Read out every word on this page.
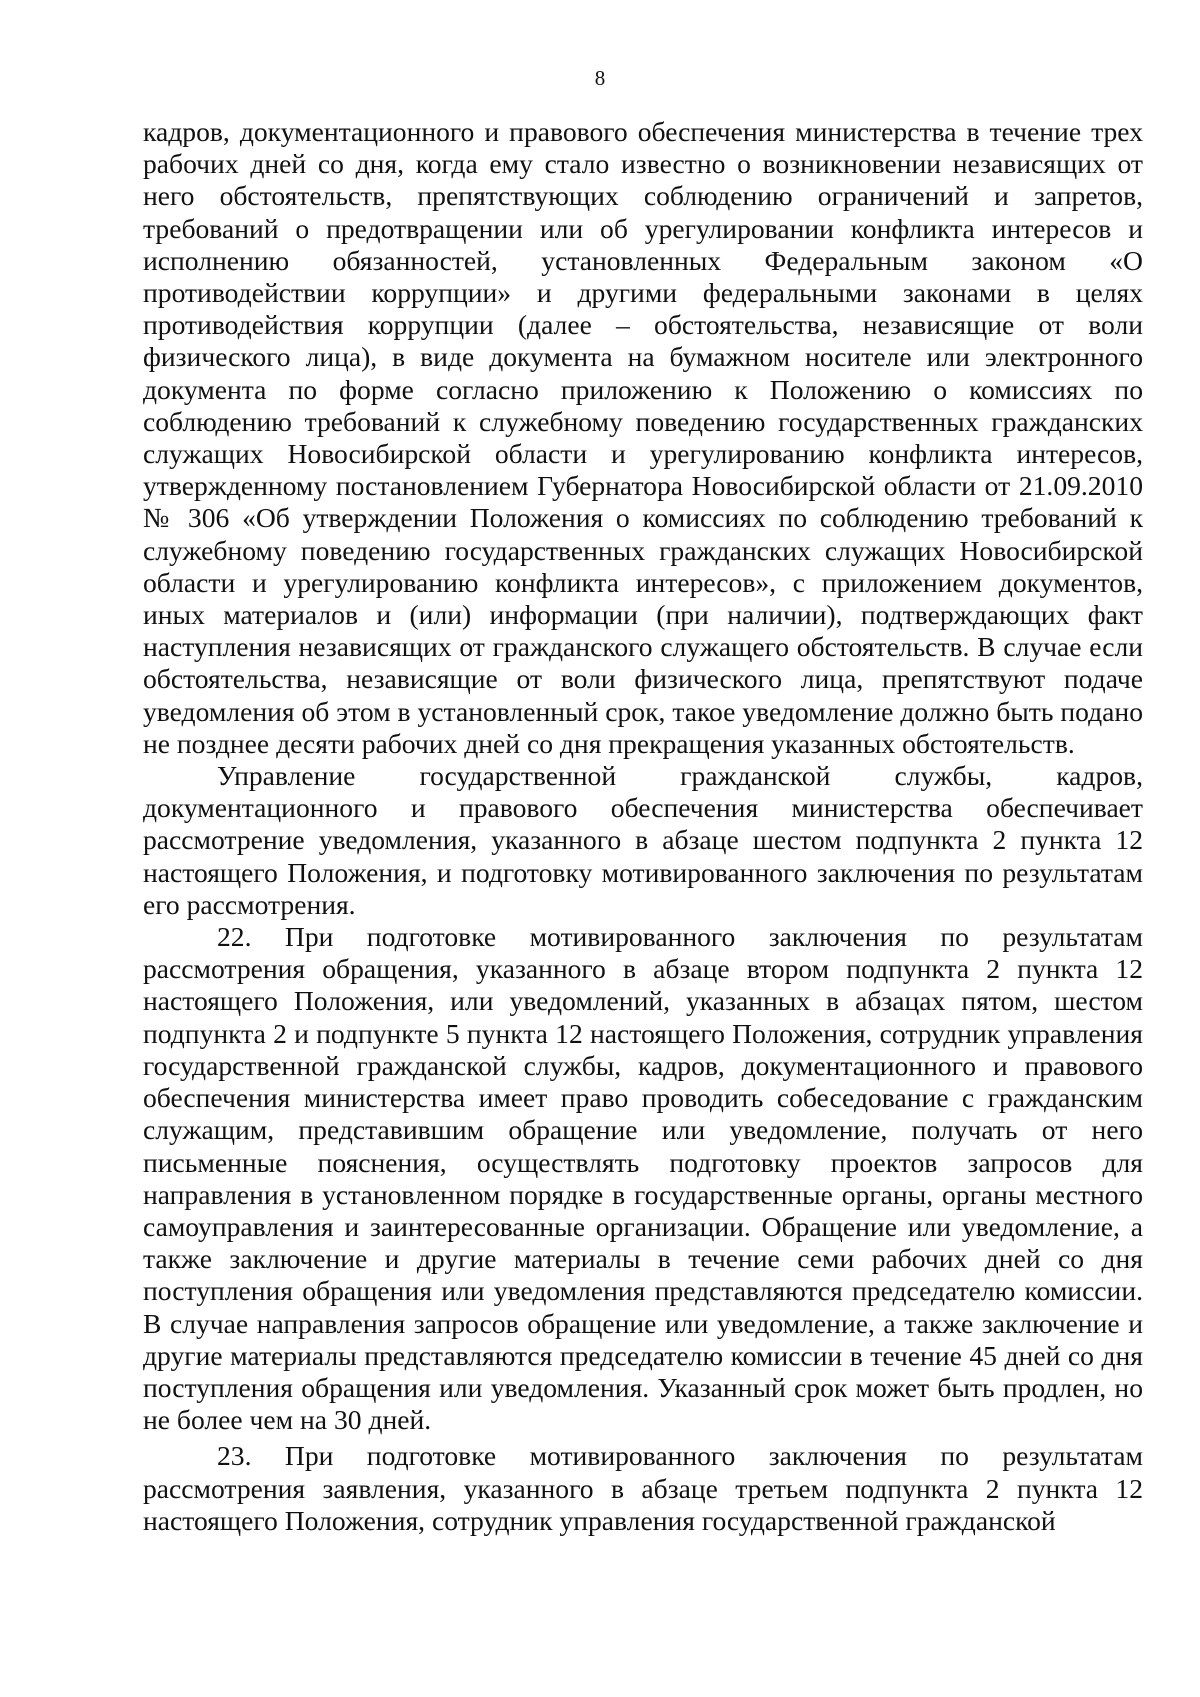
8

кадров, документационного и правового обеспечения министерства в течение трех рабочих дней со дня, когда ему стало известно о возникновении независящих от него обстоятельств, препятствующих соблюдению ограничений и запретов, требований о предотвращении или об урегулировании конфликта интересов и исполнению обязанностей, установленных Федеральным законом «О противодействии коррупции» и другими федеральными законами в целях противодействия коррупции (далее – обстоятельства, независящие от воли физического лица), в виде документа на бумажном носителе или электронного документа по форме согласно приложению к Положению о комиссиях по соблюдению требований к служебному поведению государственных гражданских служащих Новосибирской области и урегулированию конфликта интересов, утвержденному постановлением Губернатора Новосибирской области от 21.09.2010 № 306 «Об утверждении Положения о комиссиях по соблюдению требований к служебному поведению государственных гражданских служащих Новосибирской области и урегулированию конфликта интересов», с приложением документов, иных материалов и (или) информации (при наличии), подтверждающих факт наступления независящих от гражданского служащего обстоятельств. В случае если обстоятельства, независящие от воли физического лица, препятствуют подаче уведомления об этом в установленный срок, такое уведомление должно быть подано не позднее десяти рабочих дней со дня прекращения указанных обстоятельств.

Управление государственной гражданской службы, кадров, документационного и правового обеспечения министерства обеспечивает рассмотрение уведомления, указанного в абзаце шестом подпункта 2 пункта 12 настоящего Положения, и подготовку мотивированного заключения по результатам его рассмотрения.

22. При подготовке мотивированного заключения по результатам рассмотрения обращения, указанного в абзаце втором подпункта 2 пункта 12 настоящего Положения, или уведомлений, указанных в абзацах пятом, шестом подпункта 2 и подпункте 5 пункта 12 настоящего Положения, сотрудник управления государственной гражданской службы, кадров, документационного и правового обеспечения министерства имеет право проводить собеседование с гражданским служащим, представившим обращение или уведомление, получать от него письменные пояснения, осуществлять подготовку проектов запросов для направления в установленном порядке в государственные органы, органы местного самоуправления и заинтересованные организации. Обращение или уведомление, а также заключение и другие материалы в течение семи рабочих дней со дня поступления обращения или уведомления представляются председателю комиссии. В случае направления запросов обращение или уведомление, а также заключение и другие материалы представляются председателю комиссии в течение 45 дней со дня поступления обращения или уведомления. Указанный срок может быть продлен, но не более чем на 30 дней.

23. При подготовке мотивированного заключения по результатам рассмотрения заявления, указанного в абзаце третьем подпункта 2 пункта 12 настоящего Положения, сотрудник управления государственной гражданской
